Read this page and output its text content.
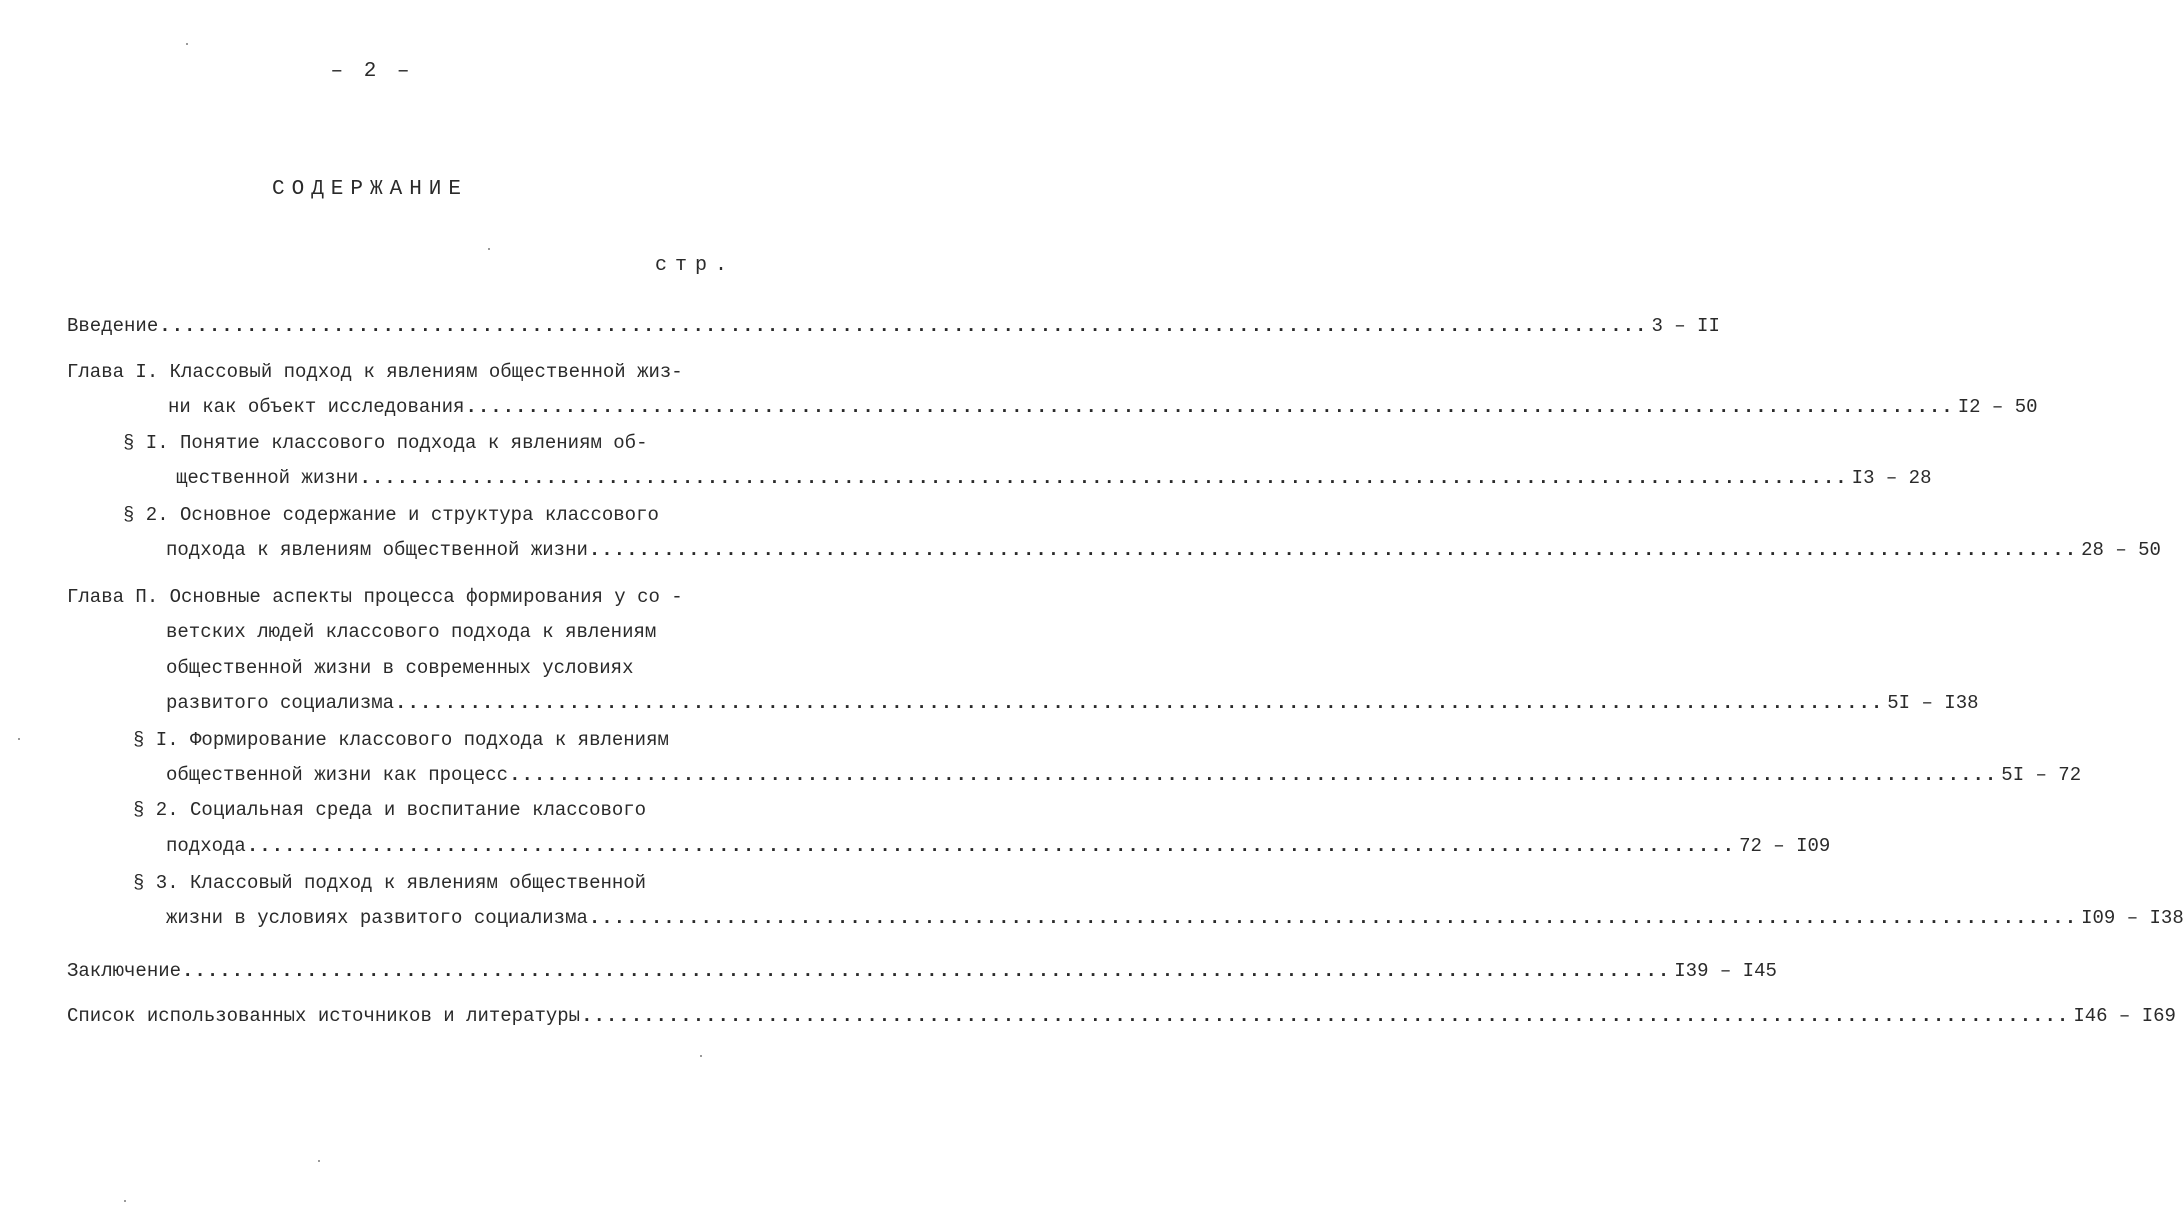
– 2 –
СОДЕРЖАНИЕ
стр.
Введение ........................................................................................................................ 3 – II
Глава I. Классовый подход к явлениям общественной жиз-
ни как объект исследования ........................................................................................................................ I2 – 50
§ I. Понятие классового подхода к явлениям об-
щественной жизни ........................................................................................................................ I3 – 28
§ 2. Основное содержание и структура классового
подхода к явлениям общественной жизни ........................................................................................................................ 28 – 50
Глава П. Основные аспекты процесса формирования у со -
ветских людей классового подхода к явлениям
общественной жизни в современных условиях
развитого социализма ........................................................................................................................ 5I – I38
§ I. Формирование классового подхода к явлениям
общественной жизни как процесс ........................................................................................................................ 5I – 72
§ 2. Социальная среда и воспитание классового
подхода ........................................................................................................................ 72 – I09
§ 3. Классовый подход к явлениям общественной
жизни в условиях развитого социализма ........................................................................................................................ I09 – I38
Заключение ........................................................................................................................ I39 – I45
Список использованных источников и литературы ........................................................................................................................ I46 – I69
